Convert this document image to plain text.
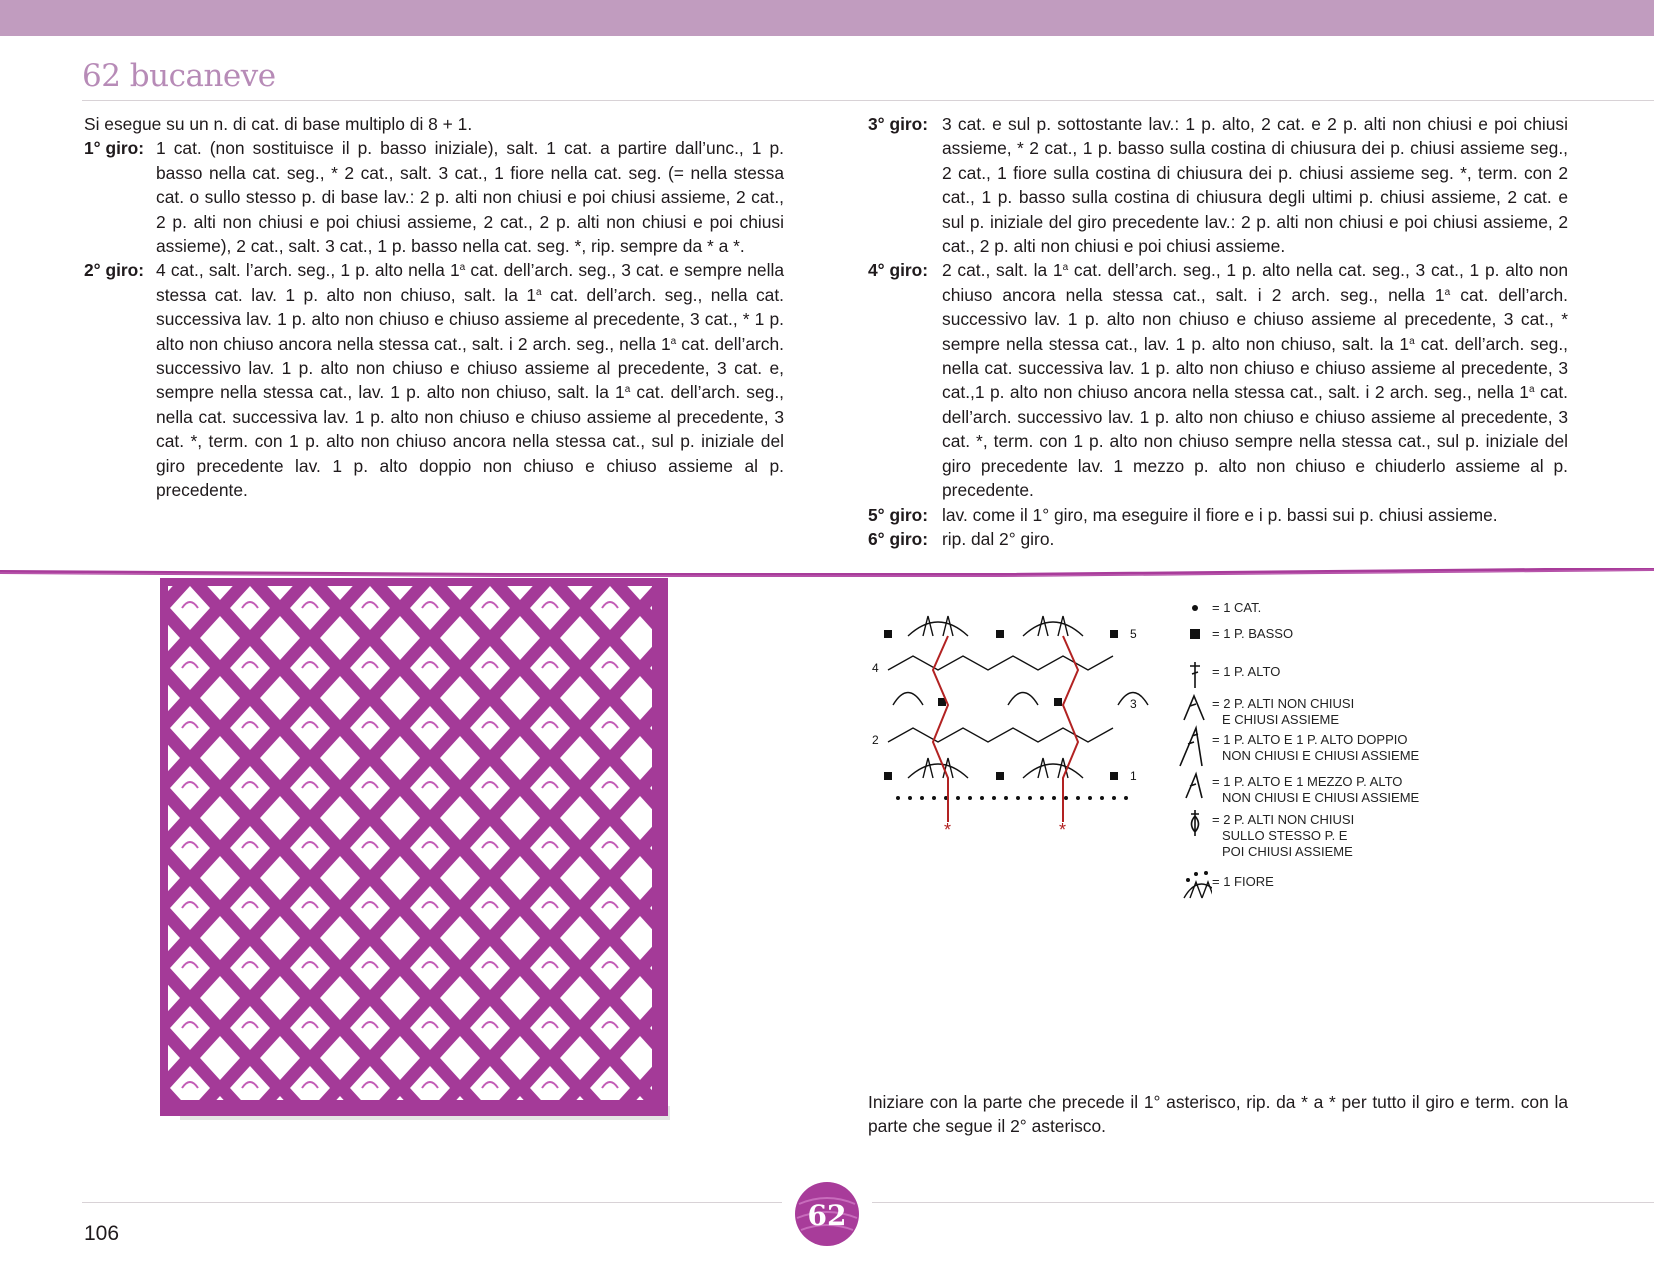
62 bucaneve

Si esegue su un n. di cat. di base multiplo di 8 + 1.

1° giro: 1 cat. (non sostituisce il p. basso iniziale), salt. 1 cat. a partire dall’unc., 1 p. basso nella cat. seg., * 2 cat., salt. 3 cat., 1 fiore nella cat. seg. (= nella stessa cat. o sullo stesso p. di base lav.: 2 p. alti non chiusi e poi chiusi assieme, 2 cat., 2 p. alti non chiusi e poi chiusi assieme, 2 cat., 2 p. alti non chiusi e poi chiusi assieme), 2 cat., salt. 3 cat., 1 p. basso nella cat. seg. *, rip. sempre da * a *.
2° giro: 4 cat., salt. l’arch. seg., 1 p. alto nella 1$^a$ cat. dell’arch. seg., 3 cat. e sempre nella stessa cat. lav. 1 p. alto non chiuso, salt. la 1$^a$ cat. dell’arch. seg., nella cat. successiva lav. 1 p. alto non chiuso e chiuso assieme al precedente, 3 cat., * 1 p. alto non chiuso ancora nella stessa cat., salt. i 2 arch. seg., nella 1$^a$ cat. dell’arch. successivo lav. 1 p. alto non chiuso e chiuso assieme al precedente, 3 cat. e, sempre nella stessa cat., lav. 1 p. alto non chiuso, salt. la 1$^a$ cat. dell’arch. seg., nella cat. successiva lav. 1 p. alto non chiuso e chiuso assieme al precedente, 3 cat. *, term. con 1 p. alto non chiuso ancora nella stessa cat., sul p. iniziale del giro precedente lav. 1 p. alto doppio non chiuso e chiuso assieme al p. precedente.
3° giro: 3 cat. e sul p. sottostante lav.: 1 p. alto, 2 cat. e 2 p. alti non chiusi e poi chiusi assieme, * 2 cat., 1 p. basso sulla costina di chiusura dei p. chiusi assieme seg., 2 cat., 1 fiore sulla costina di chiusura dei p. chiusi assieme seg. *, term. con 2 cat., 1 p. basso sulla costina di chiusura degli ultimi p. chiusi assieme, 2 cat. e sul p. iniziale del giro precedente lav.: 2 p. alti non chiusi e poi chiusi assieme, 2 cat., 2 p. alti non chiusi e poi chiusi assieme.
4° giro: 2 cat., salt. la 1$^a$ cat. dell’arch. seg., 1 p. alto nella cat. seg., 3 cat., 1 p. alto non chiuso ancora nella stessa cat., salt. i 2 arch. seg., nella 1$^a$ cat. dell’arch. successivo lav. 1 p. alto non chiuso e chiuso assieme al precedente, 3 cat., * sempre nella stessa cat., lav. 1 p. alto non chiuso, salt. la 1$^a$ cat. dell’arch. seg., nella cat. successiva lav. 1 p. alto non chiuso e chiuso assieme al precedente, 3 cat.,1 p. alto non chiuso ancora nella stessa cat., salt. i 2 arch. seg., nella 1$^a$ cat. dell’arch. successivo lav. 1 p. alto non chiuso e chiuso assieme al precedente, 3 cat. *, term. con 1 p. alto non chiuso sempre nella stessa cat., sul p. iniziale del giro precedente lav. 1 mezzo p. alto non chiuso e chiuderlo assieme al p. precedente.
5° giro: lav. come il 1° giro, ma eseguire il fiore e i p. bassi sui p. chiusi assieme.
6° giro: rip. dal 2° giro.
*	*
1
2
3
4
5
= 1 CAT.
= 1 P. BASSO
= 1 P. ALTO
= 2 P. ALTI NON CHIUSI
E CHIUSI ASSIEME
= 1 P. ALTO E 1 P. ALTO DOPPIO
NON CHIUSI E CHIUSI ASSIEME
= 1 P. ALTO E 1 MEZZO P. ALTO
NON CHIUSI E CHIUSI ASSIEME
= 2 P. ALTI NON CHIUSI
SULLO STESSO P. E
POI CHIUSI ASSIEME
= 1 FIORE

Iniziare con la parte che precede il 1° asterisco, rip. da * a * per tutto il giro e term. con la parte che segue il 2° asterisco.

62
106
